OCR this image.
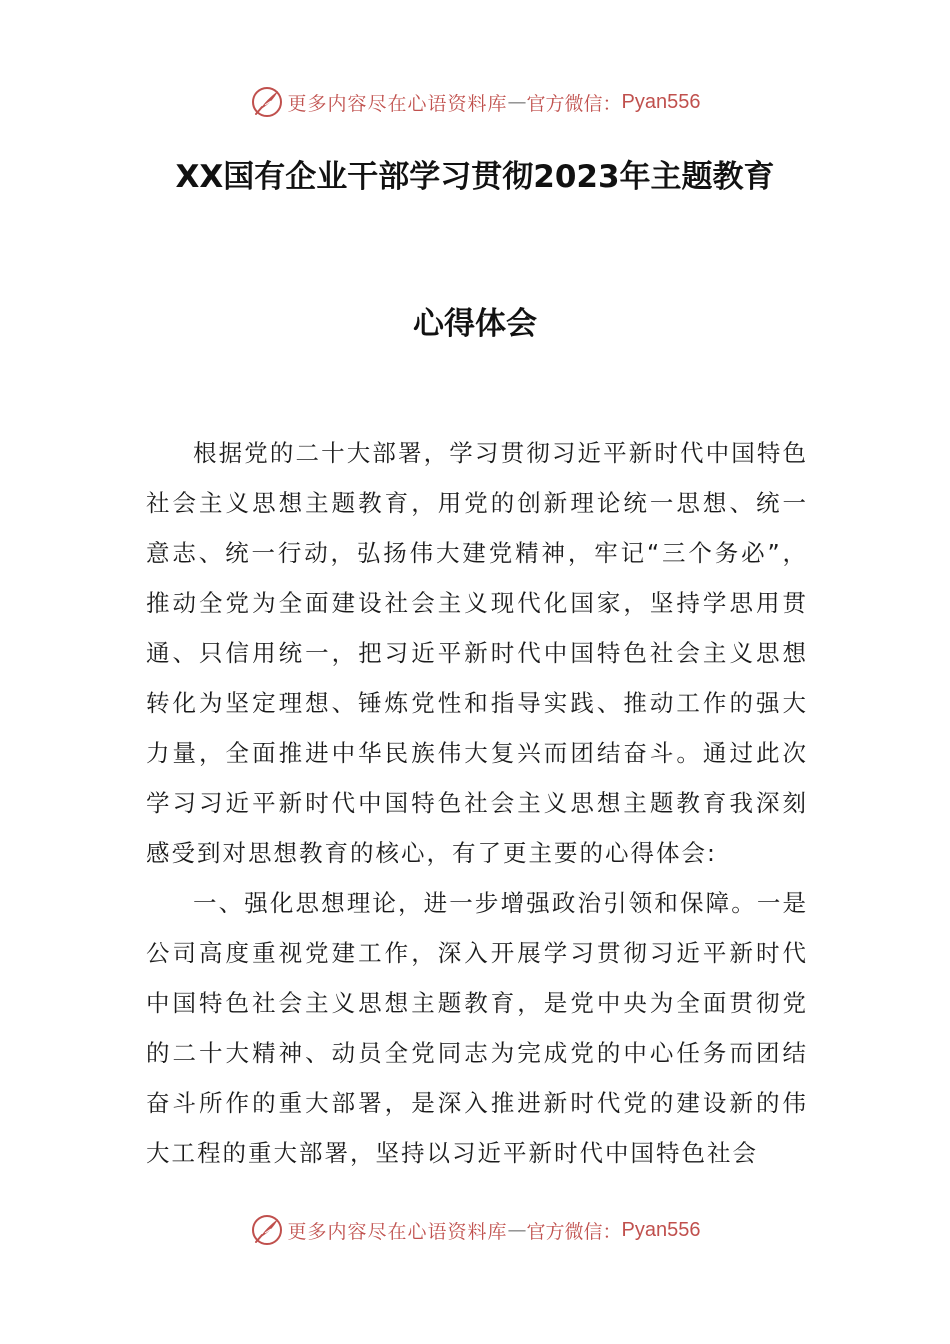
更多内容尽在心语资料库 — 官方微信： Pyan556
XX国有企业干部学习贯彻2023年主题教育
心得体会

根据党的二十大部署，学习贯彻习近平新时代中国特色社会主义思想主题教育，用党的创新理论统一思想、统一意志、统一行动，弘扬伟大建党精神，牢记“三个务必”，推动全党为全面建设社会主义现代化国家，坚持学思用贯通、只信用统一，把习近平新时代中国特色社会主义思想转化为坚定理想、锤炼党性和指导实践、推动工作的强大力量，全面推进中华民族伟大复兴而团结奋斗。通过此次学习习近平新时代中国特色社会主义思想主题教育我深刻感受到对思想教育的核心，有了更主要的心得体会:

一、强化思想理论，进一步增强政治引领和保障。一是公司高度重视党建工作，深入开展学习贯彻习近平新时代中国特色社会主义思想主题教育，是党中央为全面贯彻党的二十大精神、动员全党同志为完成党的中心任务而团结奋斗所作的重大部署，是深入推进新时代党的建设新的伟大工程的重大部署，坚持以习近平新时代中国特色社会

更多内容尽在心语资料库 — 官方微信： Pyan556
